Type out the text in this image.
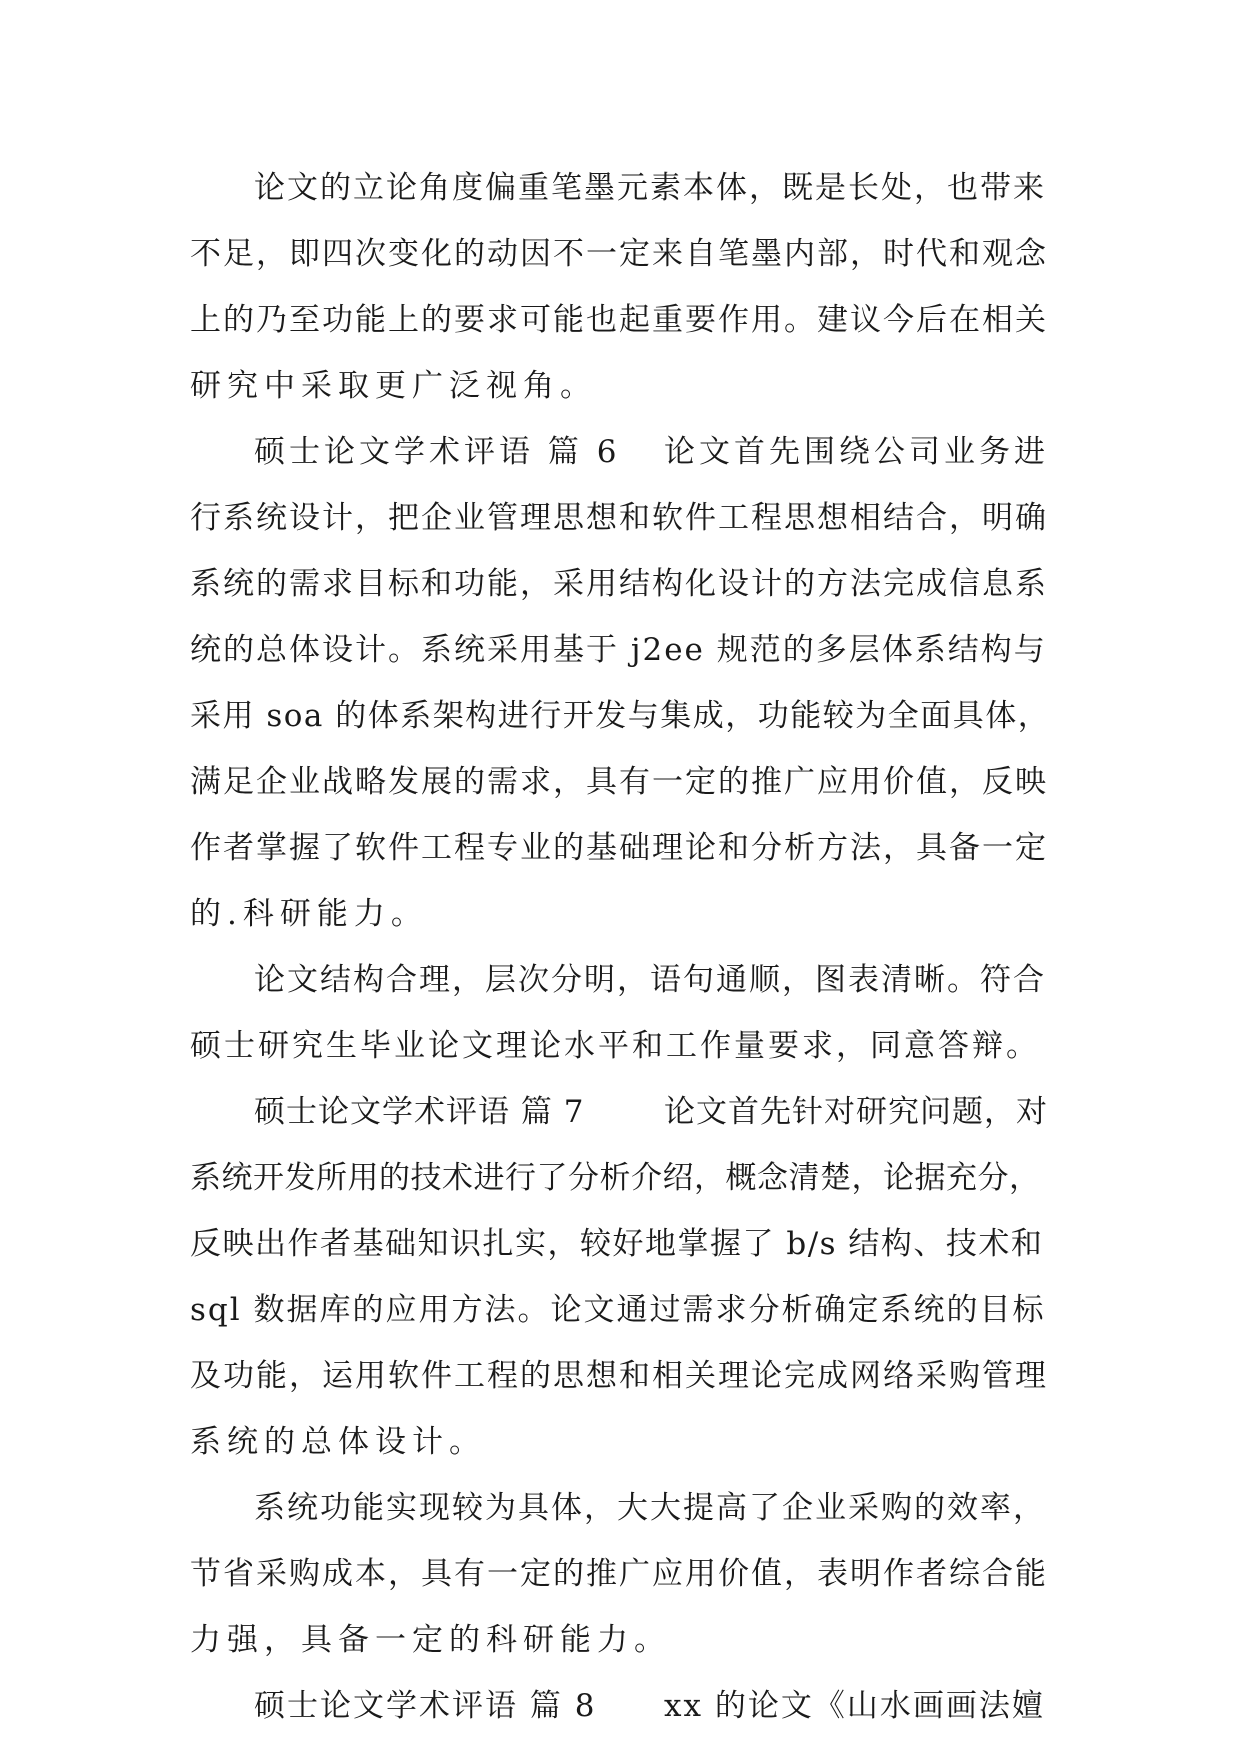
论文的立论角度偏重笔墨元素本体，既是长处，也带来
不足，即四次变化的动因不一定来自笔墨内部，时代和观念
上的乃至功能上的要求可能也起重要作用。建议今后在相关
研究中采取更广泛视角。
硕士论文学术评语 篇 6 论文首先围绕公司业务进
行系统设计，把企业管理思想和软件工程思想相结合，明确
系统的需求目标和功能，采用结构化设计的方法完成信息系
统的总体设计。系统采用基于 j2ee 规范的多层体系结构与
采用 soa 的体系架构进行开发与集成，功能较为全面具体，
满足企业战略发展的需求，具有一定的推广应用价值，反映
作者掌握了软件工程专业的基础理论和分析方法，具备一定
的.科研能力。
论文结构合理，层次分明，语句通顺，图表清晰。符合
硕士研究生毕业论文理论水平和工作量要求，同意答辩。
硕士论文学术评语 篇 7	论文首先针对研究问题，对
系统开发所用的技术进行了分析介绍，概念清楚，论据充分，
反映出作者基础知识扎实，较好地掌握了 b/s 结构、技术和
sql 数据库的应用方法。论文通过需求分析确定系统的目标
及功能，运用软件工程的思想和相关理论完成网络采购管理
系统的总体设计。
系统功能实现较为具体，大大提高了企业采购的效率，
节省采购成本，具有一定的推广应用价值，表明作者综合能
力强，具备一定的科研能力。
硕士论文学术评语 篇 8 xx 的论文《山水画画法嬗
